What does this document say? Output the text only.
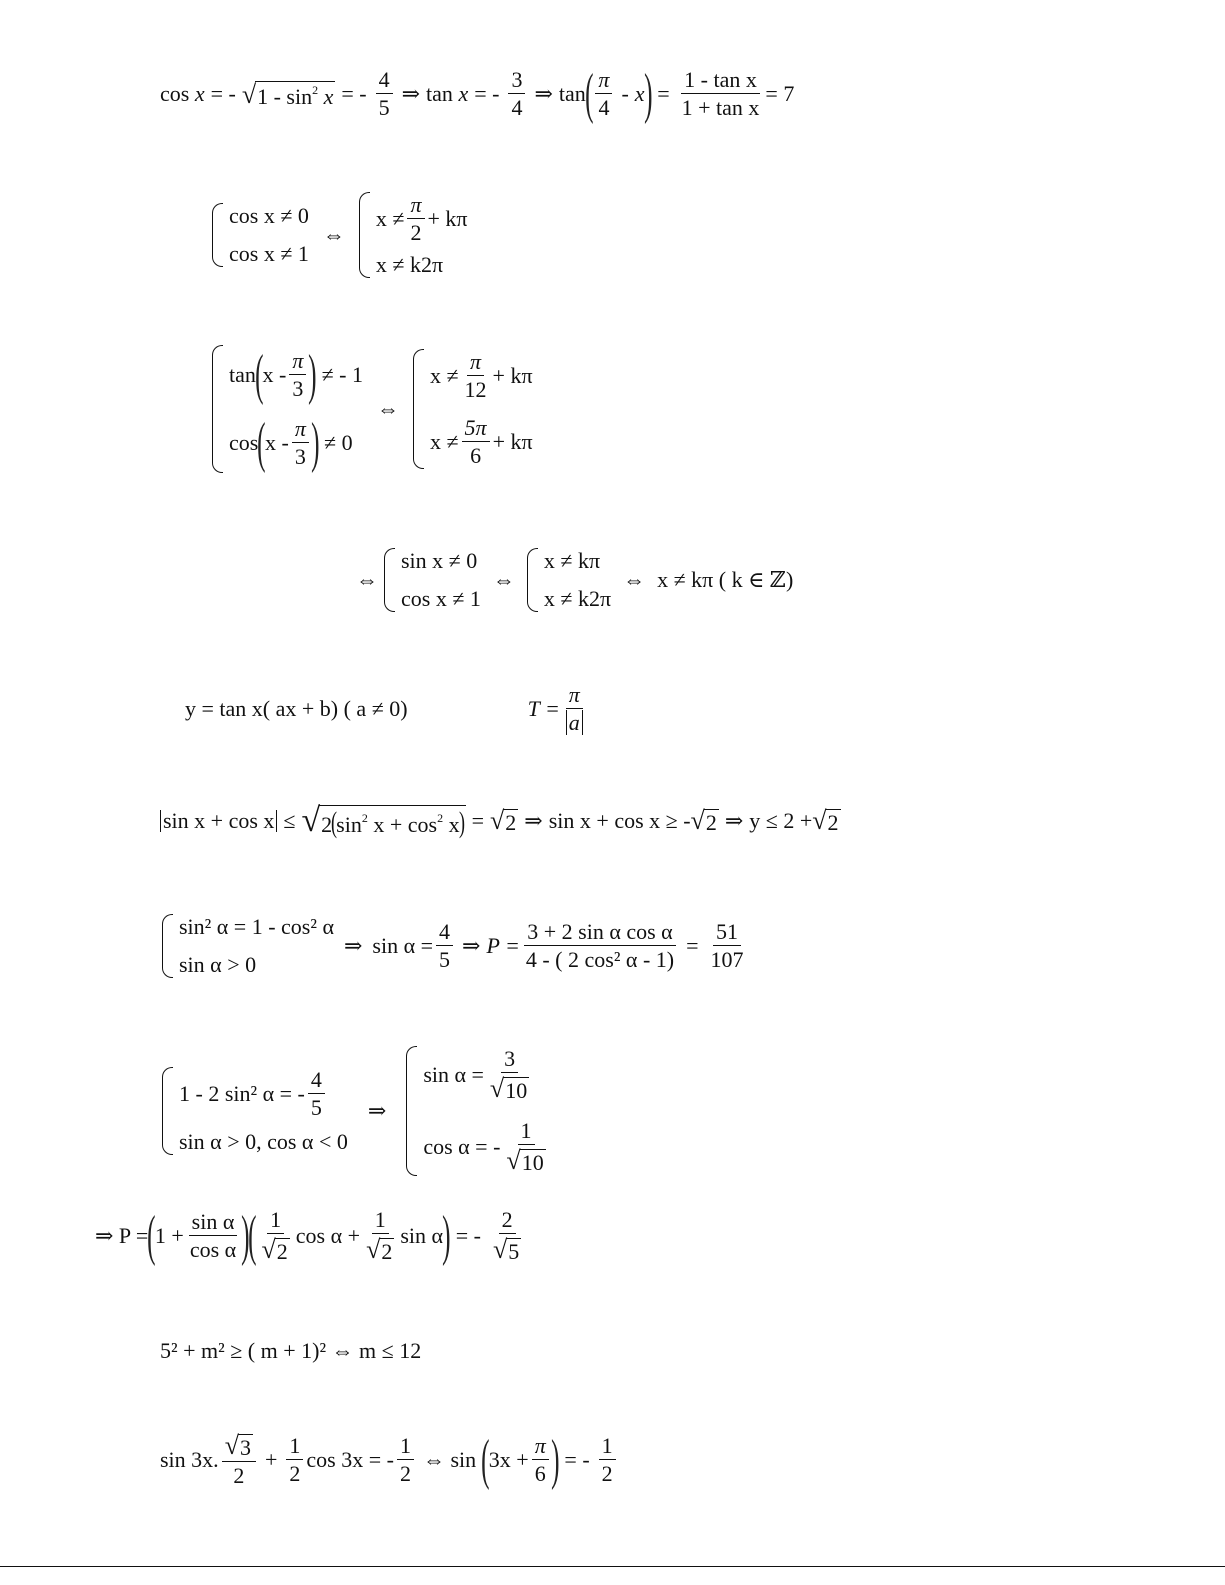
cos
x = - √ $1 - \sin^2 x$ = - $\frac{4}{5}$ ⇒ tan
x = - $\frac{3}{4}$ ⇒ tan ( $\frac{\pi}{4}$ - x ) = $\frac{\text{1 - tan x}}{\text{1 + tan x}} = 7$
cos x ≠ 0
cos x ≠ 1
⇔
$x \ne \frac{\pi}{2} + k\pi$
x ≠ k2π
tan ( x - $\frac{\pi}{3}$ )
≠ - 1
cos ( x - $\frac{\pi}{3}$ )
≠ 0
⇔
$x \ne \frac{\pi}{12} + k\pi$
$x \ne \frac{5\pi}{6} + k\pi$
⇔
sin x ≠ 0
cos x ≠ 1
⇔
x ≠ kπ
x ≠ k2π
⇔ x ≠ kπ ( k ∈ ℤ)
y = tan x( ax + b) ( a ≠ 0)	$T = \frac{\pi}{a}$
sin x + cos x ≤ √ $2(\sin^2$ $x + \cos^2 x$) = √ 2 ⇒ sin x + cos x ≥ - √ 2 ⇒ y ≤ 2 + √ 2
sin² α = 1 - cos² α
sin α > 0
⇒ $\sin \alpha = \frac{4}{5}$ ⇒ $P = \frac{\text{3 + 2 sin α cos α}}{\text{4 - ( 2 cos² α - 1)}} = \frac{51}{107}$
1 - 2 sin² α = - $\frac{4}{5}$
sin α > 0, cos α < 0
⇒
$\sin \alpha = \frac{3}{√ 10}$
cos α = - $\frac{1}{√ 10}$
⇒ P = ( $1 + \frac{\text{sin α}}{\text{cos α}}$ )
( $\frac{1}{√ 2}$ $\cos \alpha + \frac{1}{√ 2}$ sin α ) = - $\frac{2}{√ 5}$
5² + m² ≥ ( m + 1)² ⇔ m ≤ 12
sin 3x. $\frac{√ 3}{2} + \frac{1}{2}$ cos 3x = - $\frac{1}{2}$ ⇔ sin ( $3x + \frac{\pi}{6}$ ) = - $\frac{1}{2}$
